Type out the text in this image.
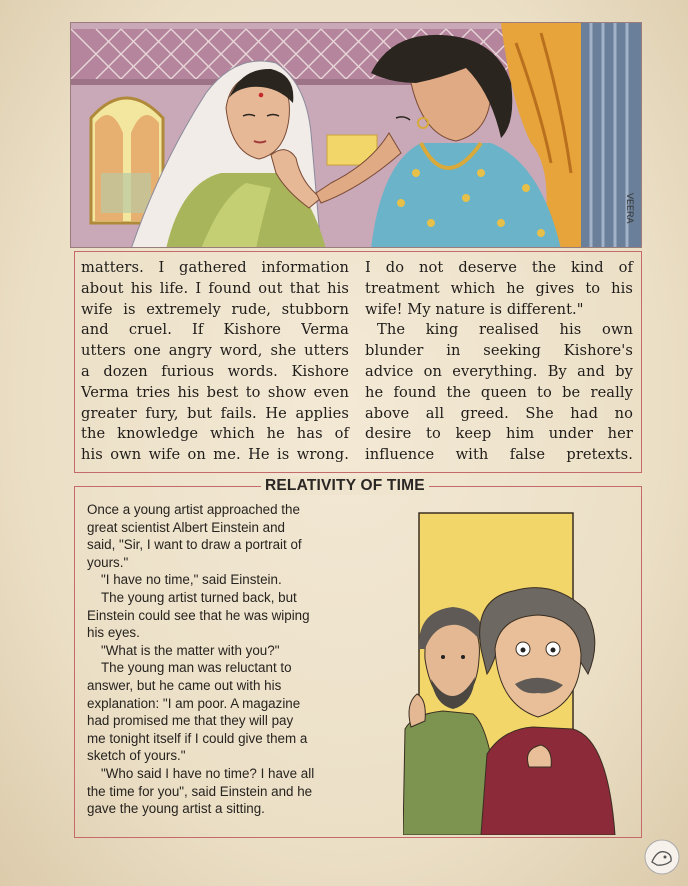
VEERA
matters. I gathered information
about his life. I found out that his
wife is extremely rude, stubborn
and cruel. If Kishore Verma
utters one angry word, she utters
a dozen furious words. Kishore
Verma tries his best to show even
greater fury, but fails. He applies
the knowledge which he has of
his own wife on me. He is wrong.
I do not deserve the kind of
treatment which he gives to his
wife! My nature is different."
The king realised his own
blunder in seeking Kishore's
advice on everything. By and by
he found the queen to be really
above all greed. She had no
desire to keep him under her
influence with false pretexts.
RELATIVITY OF TIME
Once a young artist approached the
great scientist Albert Einstein and
said, "Sir, I want to draw a portrait of
yours."
"I have no time," said Einstein.
The young artist turned back, but
Einstein could see that he was wiping
his eyes.
"What is the matter with you?"
The young man was reluctant to
answer, but he came out with his
explanation: "I am poor. A magazine
had promised me that they will pay
me tonight itself if I could give them a
sketch of yours."
"Who said I have no time? I have all
the time for you", said Einstein and he
gave the young artist a sitting.
